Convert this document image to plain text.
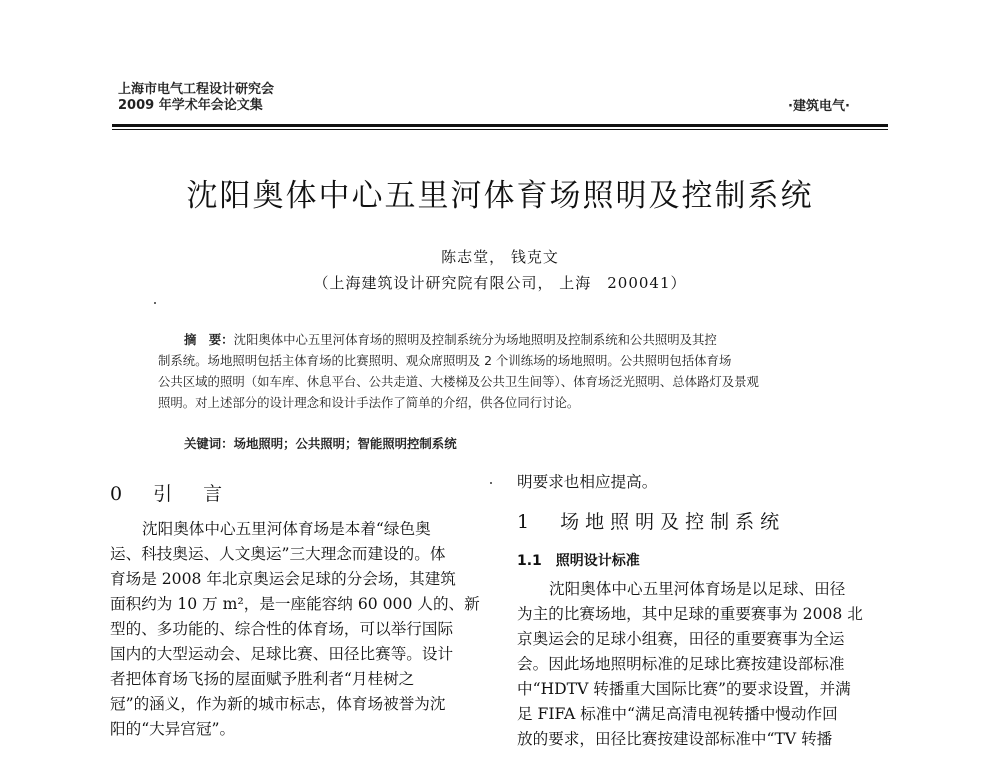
上海市电气工程设计研究会
2009 年学术年会论文集	·建筑电气·
沈阳奥体中心五里河体育场照明及控制系统
陈志堂， 钱克文
（上海建筑设计研究院有限公司， 上海　200041）
摘　要：沈阳奥体中心五里河体育场的照明及控制系统分为场地照明及控制系统和公共照明及其控
制系统。场地照明包括主体育场的比赛照明、观众席照明及 2 个训练场的场地照明。公共照明包括体育场
公共区域的照明（如车库、休息平台、公共走道、大楼梯及公共卫生间等）、体育场泛光照明、总体路灯及景观
照明。对上述部分的设计理念和设计手法作了简单的介绍，供各位同行讨论。
关键词：场地照明；公共照明；智能照明控制系统
0　引　言
沈阳奥体中心五里河体育场是本着“绿色奥
运、科技奥运、人文奥运”三大理念而建设的。体
育场是 2008 年北京奥运会足球的分会场，其建筑
面积约为 10 万 m²，是一座能容纳 60 000 人的、新
型的、多功能的、综合性的体育场，可以举行国际
国内的大型运动会、足球比赛、田径比赛等。设计
者把体育场飞扬的屋面赋予胜利者“月桂树之
冠”的涵义，作为新的城市标志，体育场被誉为沈
阳的“大异宫冠”。
明要求也相应提高。
1　场地照明及控制系统
1.1　照明设计标准
沈阳奥体中心五里河体育场是以足球、田径
为主的比赛场地，其中足球的重要赛事为 2008 北
京奥运会的足球小组赛，田径的重要赛事为全运
会。因此场地照明标准的足球比赛按建设部标准
中“HDTV 转播重大国际比赛”的要求设置，并满
足 FIFA 标准中“满足高清电视转播中慢动作回
放的要求，田径比赛按建设部标准中“TV 转播
